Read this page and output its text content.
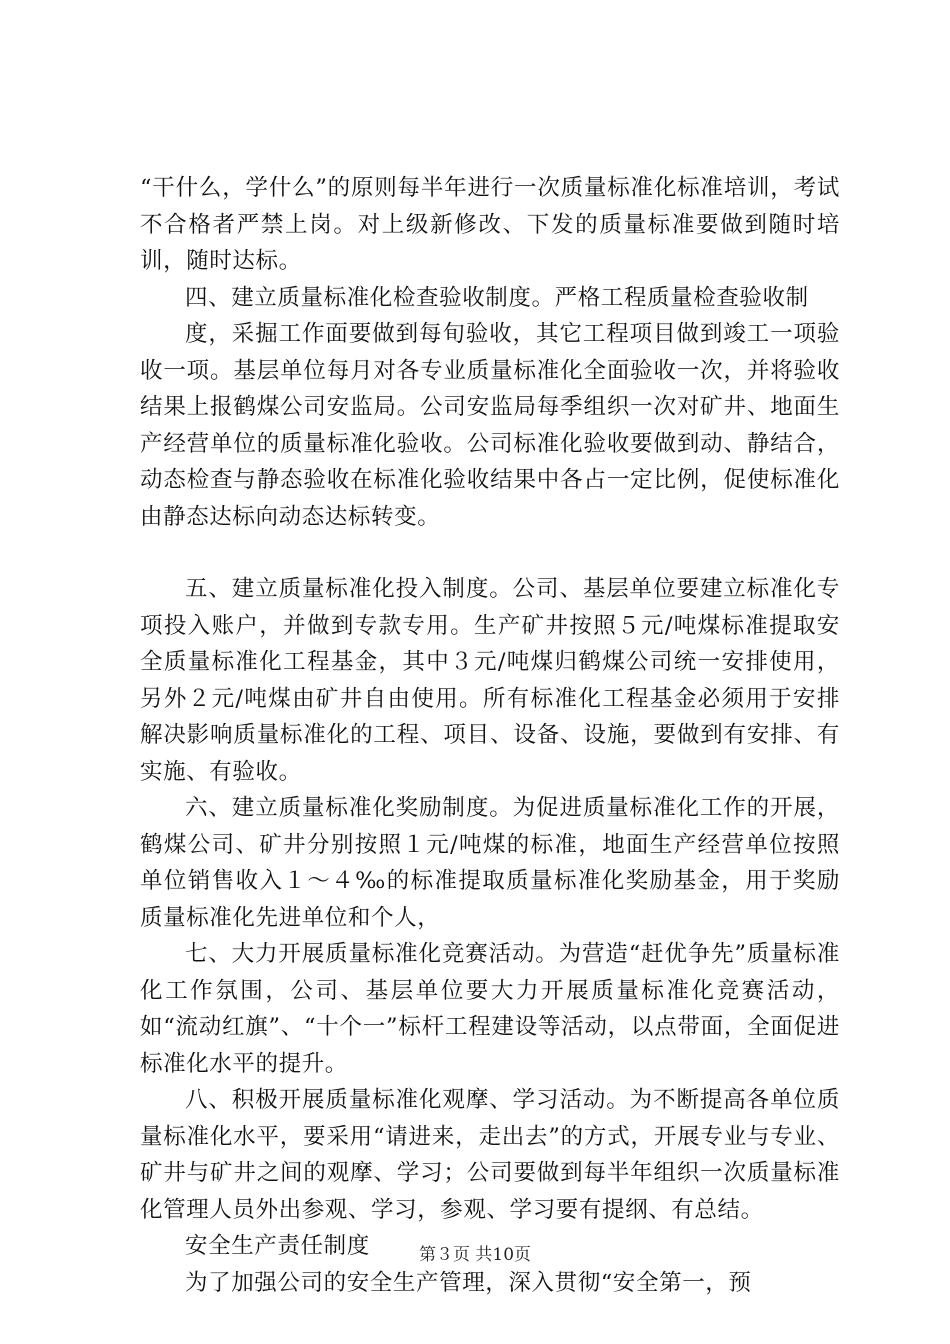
“干什么，学什么”的原则每半年进行一次质量标准化标准培训，考试不合格者严禁上岗。对上级新修改、下发的质量标准要做到随时培训，随时达标。

四、建立质量标准化检查验收制度。严格工程质量检查验收制

度，采掘工作面要做到每旬验收，其它工程项目做到竣工一项验收一项。基层单位每月对各专业质量标准化全面验收一次，并将验收结果上报鹤煤公司安监局。公司安监局每季组织一次对矿井、地面生产经营单位的质量标准化验收。公司标准化验收要做到动、静结合，动态检查与静态验收在标准化验收结果中各占一定比例，促使标准化由静态达标向动态达标转变。

五、建立质量标准化投入制度。公司、基层单位要建立标准化专项投入账户，并做到专款专用。生产矿井按照５元/吨煤标准提取安全质量标准化工程基金，其中３元/吨煤归鹤煤公司统一安排使用，另外２元/吨煤由矿井自由使用。所有标准化工程基金必须用于安排解决影响质量标准化的工程、项目、设备、设施，要做到有安排、有实施、有验收。

六、建立质量标准化奖励制度。为促进质量标准化工作的开展，鹤煤公司、矿井分别按照１元/吨煤的标准，地面生产经营单位按照单位销售收入１～４‰的标准提取质量标准化奖励基金，用于奖励质量标准化先进单位和个人，

七、大力开展质量标准化竞赛活动。为营造“赶优争先”质量标准化工作氛围，公司、基层单位要大力开展质量标准化竞赛活动，如“流动红旗”、“十个一”标杆工程建设等活动，以点带面，全面促进标准化水平的提升。

八、积极开展质量标准化观摩、学习活动。为不断提高各单位质量标准化水平，要采用“请进来，走出去”的方式，开展专业与专业、矿井与矿井之间的观摩、学习；公司要做到每半年组织一次质量标准化管理人员外出参观、学习，参观、学习要有提纲、有总结。

安全生产责任制度

为了加强公司的安全生产管理，深入贯彻“安全第一，预

第３页 共10页
